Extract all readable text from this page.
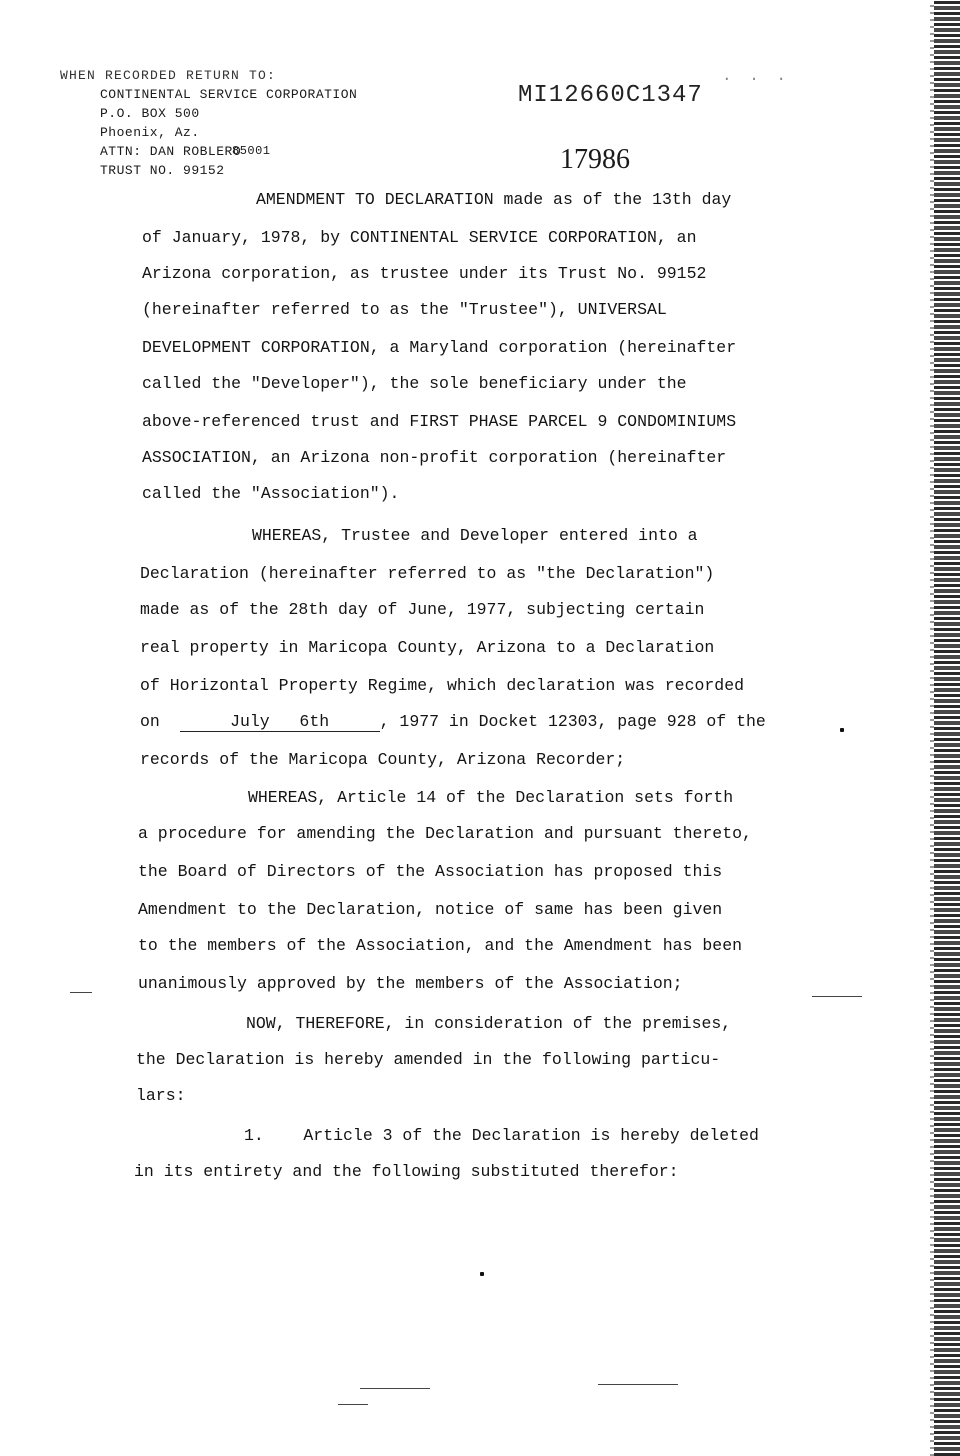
WHEN RECORDED RETURN TO:
CONTINENTAL SERVICE CORPORATION
P.O. BOX 500
Phoenix, Az.
ATTN: DAN ROBLERO
TRUST NO. 99152
85001
MI12660C1347
17986
· · ·
AMENDMENT TO DECLARATION made as of the 13th day
of January, 1978, by CONTINENTAL SERVICE CORPORATION, an
Arizona corporation, as trustee under its Trust No. 99152
(hereinafter referred to as the "Trustee"), UNIVERSAL
DEVELOPMENT CORPORATION, a Maryland corporation (hereinafter
called the "Developer"), the sole beneficiary under the
above-referenced trust and FIRST PHASE PARCEL 9 CONDOMINIUMS
ASSOCIATION, an Arizona non-profit corporation (hereinafter
called the "Association").
WHEREAS, Trustee and Developer entered into a
Declaration (hereinafter referred to as "the Declaration")
made as of the 28th day of June, 1977, subjecting certain
real property in Maricopa County, Arizona to a Declaration
of Horizontal Property Regime, which declaration was recorded
on	July 6th	, 1977 in Docket 12303, page 928 of the
records of the Maricopa County, Arizona Recorder;
WHEREAS, Article 14 of the Declaration sets forth
a procedure for amending the Declaration and pursuant thereto,
the Board of Directors of the Association has proposed this
Amendment to the Declaration, notice of same has been given
to the members of the Association, and the Amendment has been
unanimously approved by the members of the Association;
NOW, THEREFORE, in consideration of the premises,
the Declaration is hereby amended in the following particu-
lars:
1.    Article 3 of the Declaration is hereby deleted
in its entirety and the following substituted therefor:
